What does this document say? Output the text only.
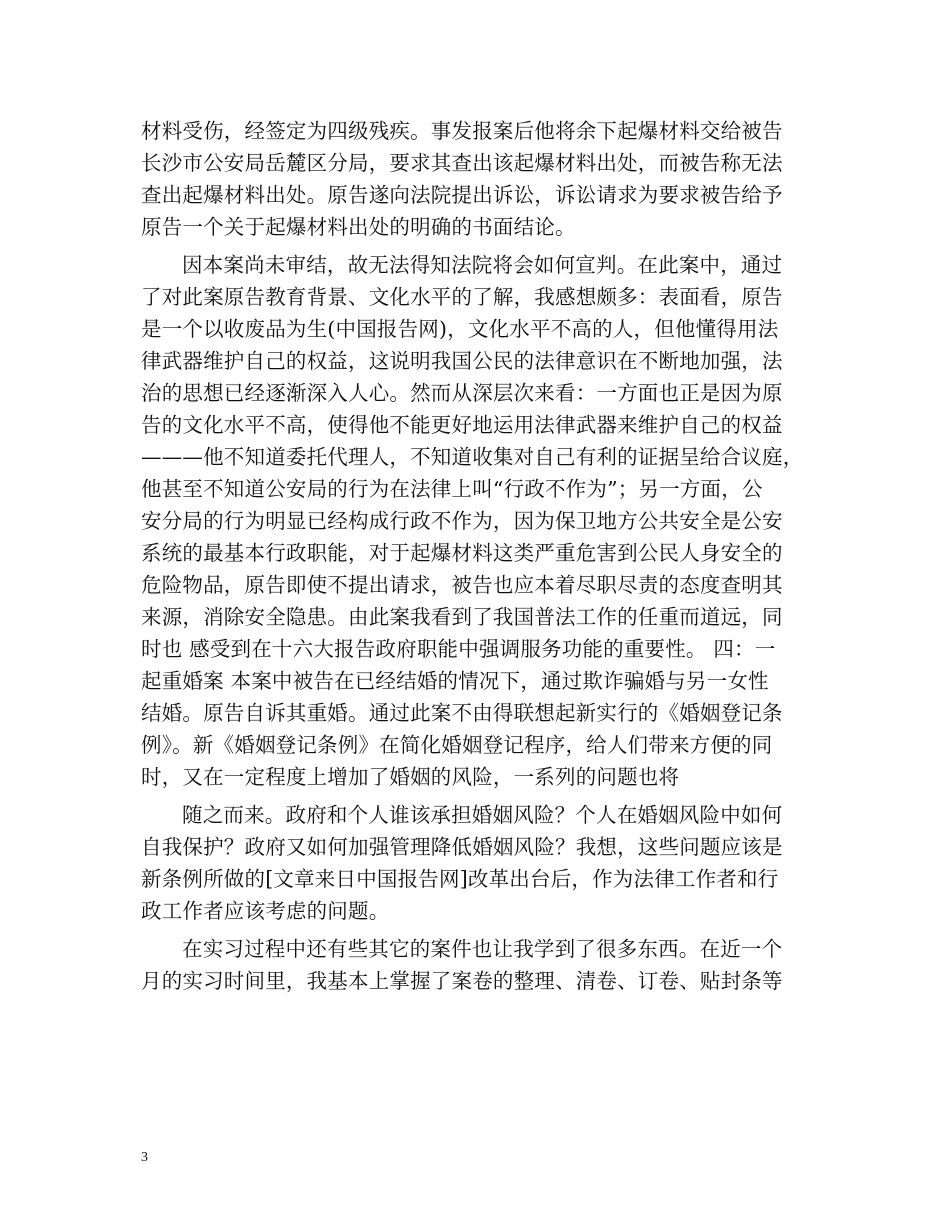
材料受伤，经签定为四级残疾。事发报案后他将余下起爆材料交给被告
长沙市公安局岳麓区分局，要求其查出该起爆材料出处，而被告称无法
查出起爆材料出处。原告遂向法院提出诉讼，诉讼请求为要求被告给予
原告一个关于起爆材料出处的明确的书面结论。
因本案尚未审结，故无法得知法院将会如何宣判。在此案中，通过
了对此案原告教育背景、文化水平的了解，我感想颇多：表面看，原告
是一个以收废品为生(中国报告网)，文化水平不高的人，但他懂得用法
律武器维护自己的权益，这说明我国公民的法律意识在不断地加强，法
治的思想已经逐渐深入人心。然而从深层次来看：一方面也正是因为原
告的文化水平不高，使得他不能更好地运用法律武器来维护自己的权益
———他不知道委托代理人，不知道收集对自己有利的证据呈给合议庭，
他甚至不知道公安局的行为在法律上叫“行政不作为”；另一方面，公
安分局的行为明显已经构成行政不作为，因为保卫地方公共安全是公安
系统的最基本行政职能，对于起爆材料这类严重危害到公民人身安全的
危险物品，原告即使不提出请求，被告也应本着尽职尽责的态度查明其
来源，消除安全隐患。由此案我看到了我国普法工作的任重而道远，同
时也 感受到在十六大报告政府职能中强调服务功能的重要性。 四：一
起重婚案 本案中被告在已经结婚的情况下，通过欺诈骗婚与另一女性
结婚。原告自诉其重婚。通过此案不由得联想起新实行的《婚姻登记条
例》。新《婚姻登记条例》在简化婚姻登记程序，给人们带来方便的同
时，又在一定程度上增加了婚姻的风险，一系列的问题也将
随之而来。政府和个人谁该承担婚姻风险？个人在婚姻风险中如何
自我保护？政府又如何加强管理降低婚姻风险？我想，这些问题应该是
新条例所做的[文章来日中国报告网]改革出台后，作为法律工作者和行
政工作者应该考虑的问题。
在实习过程中还有些其它的案件也让我学到了很多东西。在近一个
月的实习时间里，我基本上掌握了案卷的整理、清卷、订卷、贴封条等
3
